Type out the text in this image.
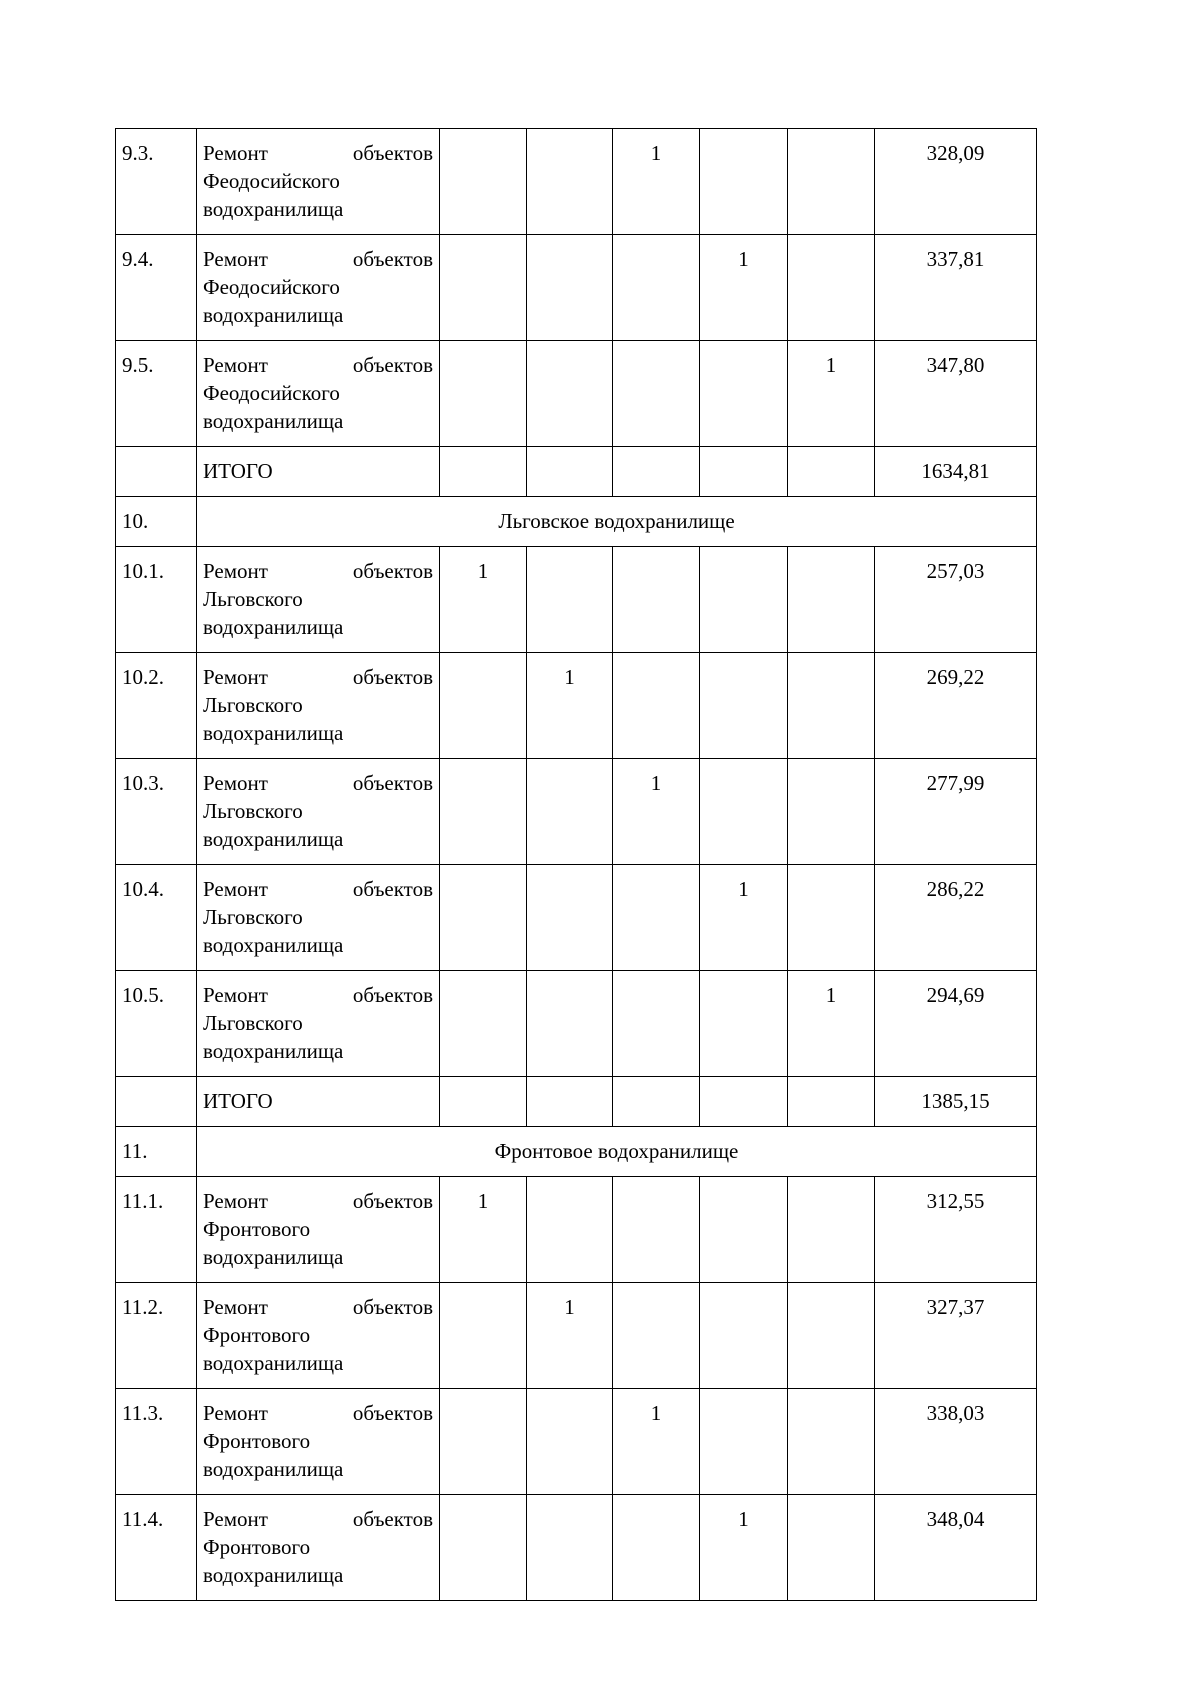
9.3.	Ремонт объектов
Феодосийского
водохранилища			1			328,09
9.4.	Ремонт объектов
Феодосийского
водохранилища				1		337,81
9.5.	Ремонт объектов
Феодосийского
водохранилища					1	347,80
	ИТОГО						1634,81
10.	Льговское водохранилище						
10.1.	Ремонт объектов
Льговского
водохранилища	1					257,03
10.2.	Ремонт объектов
Льговского
водохранилища		1				269,22
10.3.	Ремонт объектов
Льговского
водохранилища			1			277,99
10.4.	Ремонт объектов
Льговского
водохранилища				1		286,22
10.5.	Ремонт объектов
Льговского
водохранилища					1	294,69
	ИТОГО						1385,15
11.	Фронтовое водохранилище						
11.1.	Ремонт объектов
Фронтового
водохранилища	1					312,55
11.2.	Ремонт объектов
Фронтового
водохранилища		1				327,37
11.3.	Ремонт объектов
Фронтового
водохранилища			1			338,03
11.4.	Ремонт объектов
Фронтового
водохранилища				1		348,04
